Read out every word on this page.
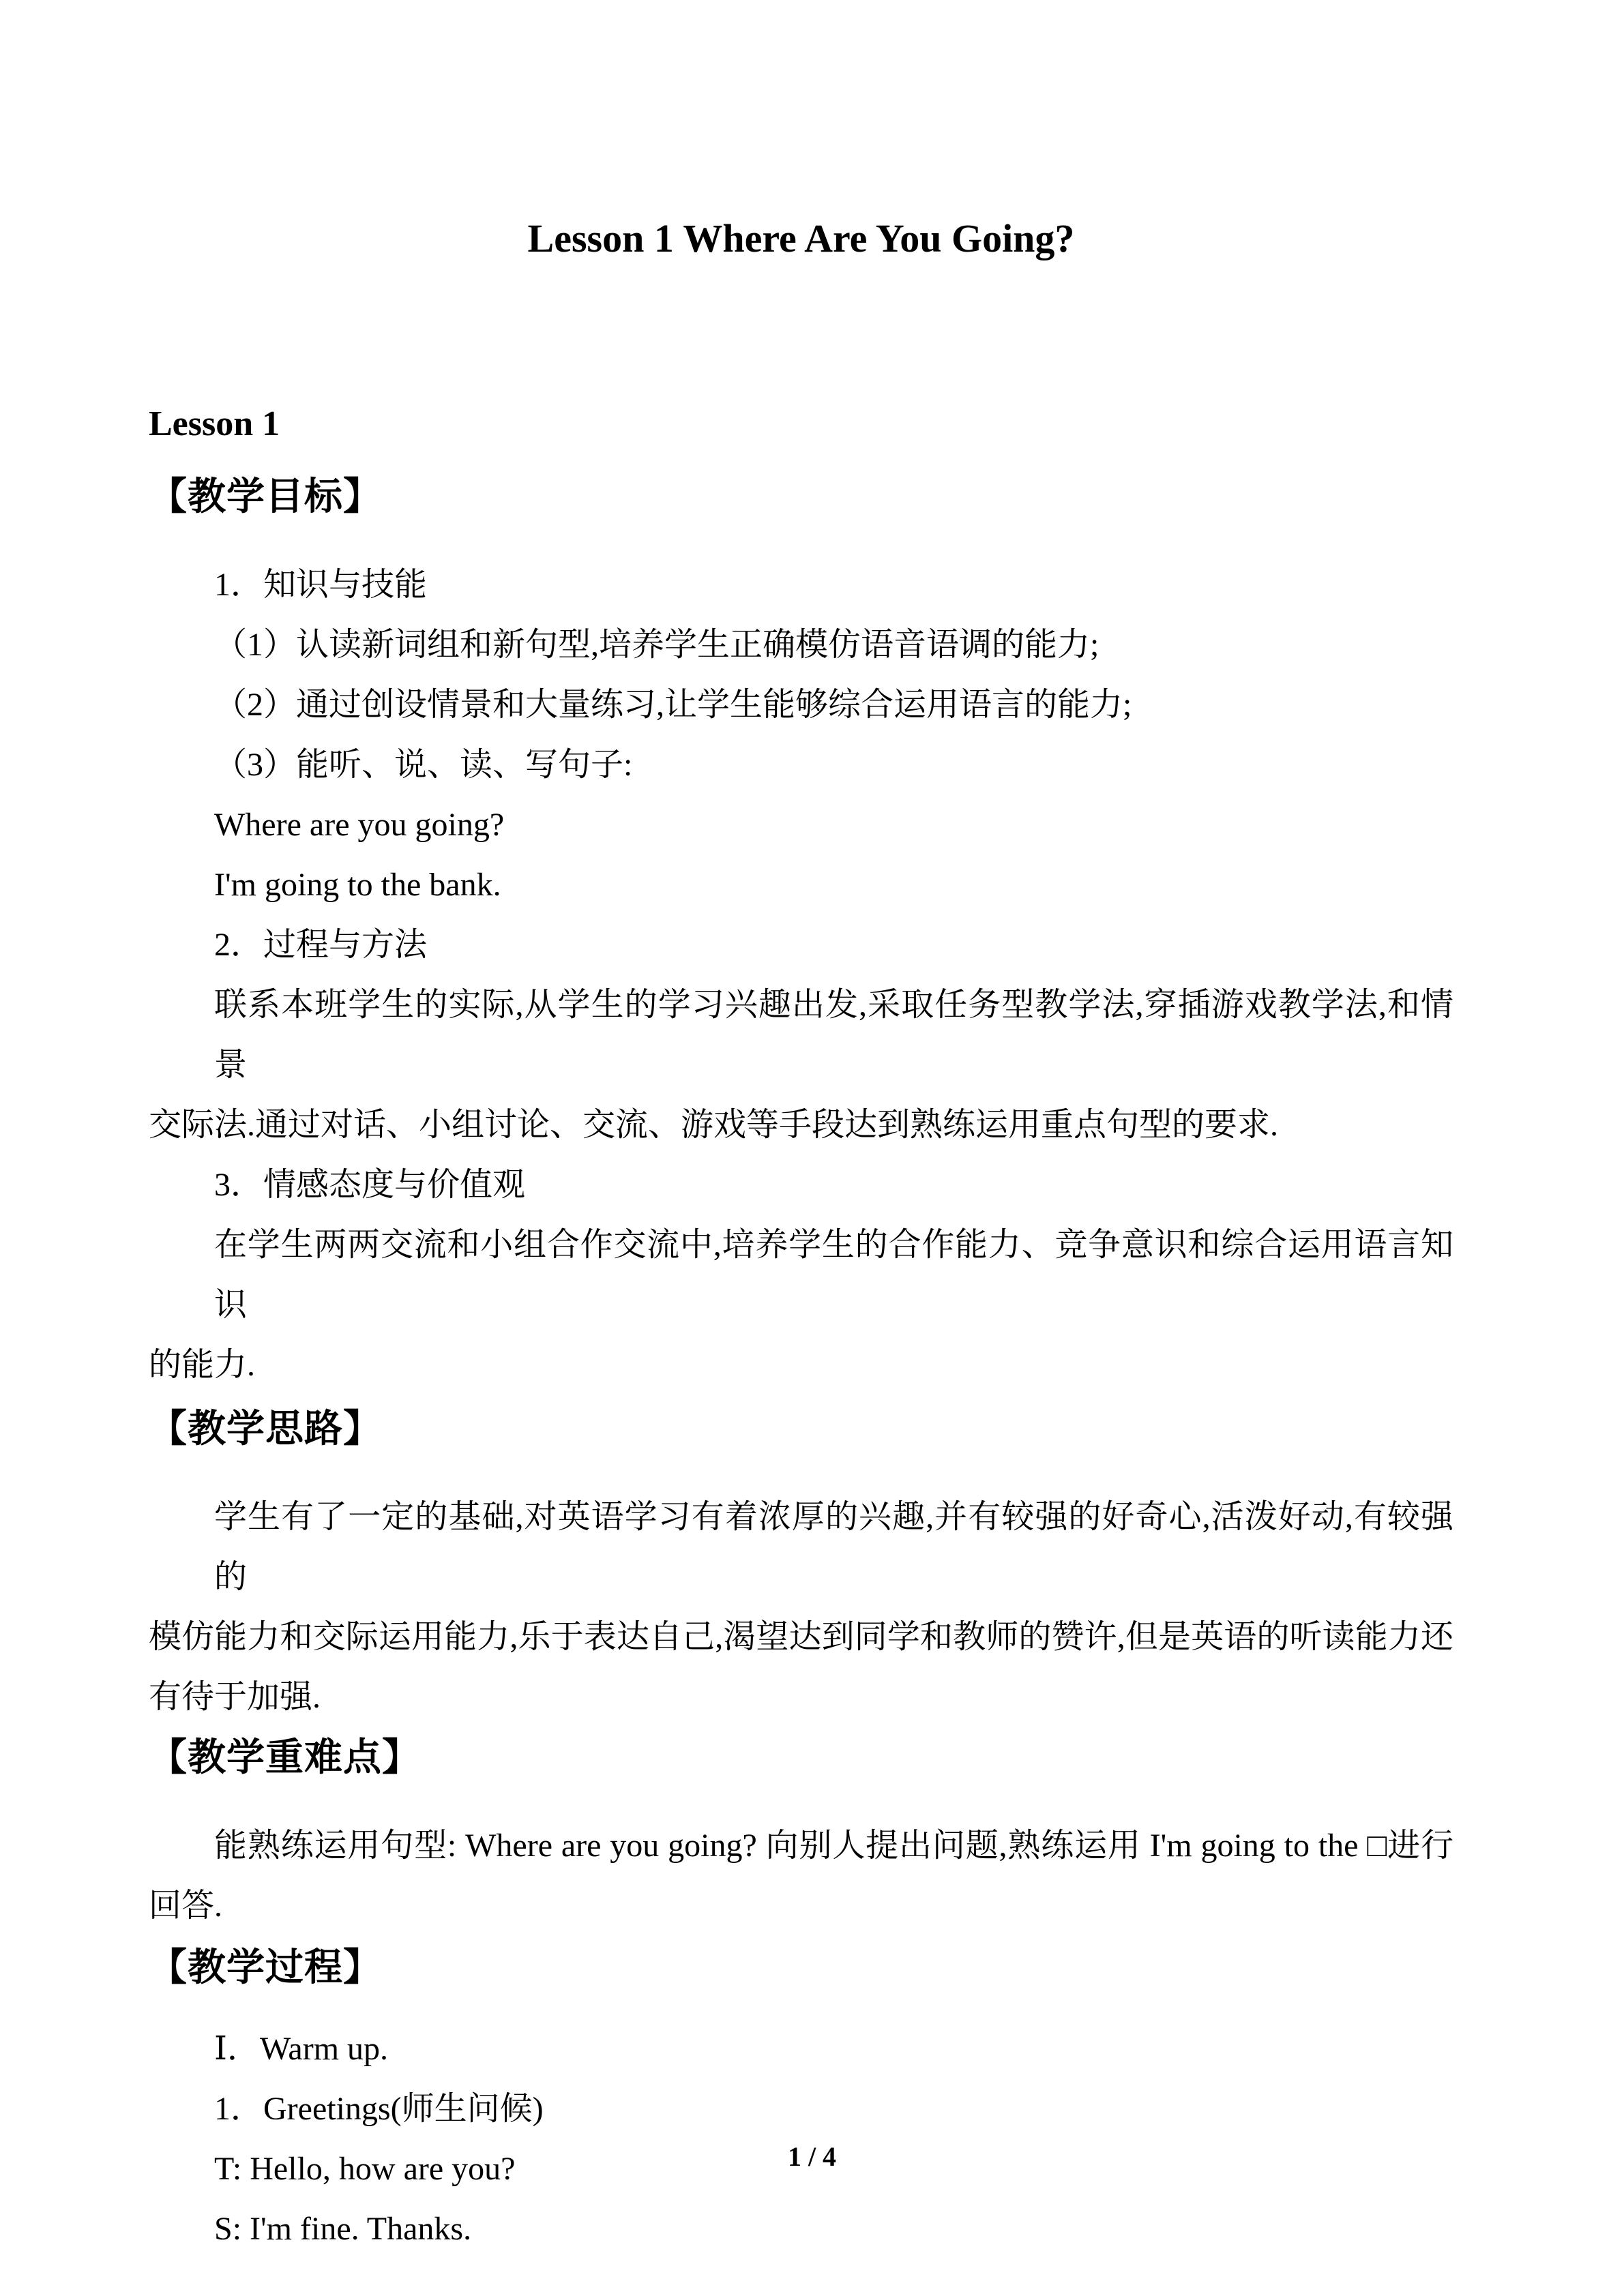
Lesson 1 Where Are You Going?
Lesson 1
【教学目标】

1．知识与技能

（1）认读新词组和新句型,培养学生正确模仿语音语调的能力;

（2）通过创设情景和大量练习,让学生能够综合运用语言的能力;

（3）能听、说、读、写句子:

Where are you going?

I'm going to the bank.

2．过程与方法

联系本班学生的实际,从学生的学习兴趣出发,采取任务型教学法,穿插游戏教学法,和情景

交际法.通过对话、小组讨论、交流、游戏等手段达到熟练运用重点句型的要求.

3．情感态度与价值观

在学生两两交流和小组合作交流中,培养学生的合作能力、竞争意识和综合运用语言知识

的能力.

【教学思路】

学生有了一定的基础,对英语学习有着浓厚的兴趣,并有较强的好奇心,活泼好动,有较强的

模仿能力和交际运用能力,乐于表达自己,渴望达到同学和教师的赞许,但是英语的听读能力还

有待于加强.

【教学重难点】

能熟练运用句型: Where are you going? 向别人提出问题,熟练运用 I'm going to the □进行

回答.

【教学过程】

Ⅰ．Warm up.

1．Greetings(师生问候)

T: Hello, how are you?

S: I'm fine. Thanks.

1 / 4
